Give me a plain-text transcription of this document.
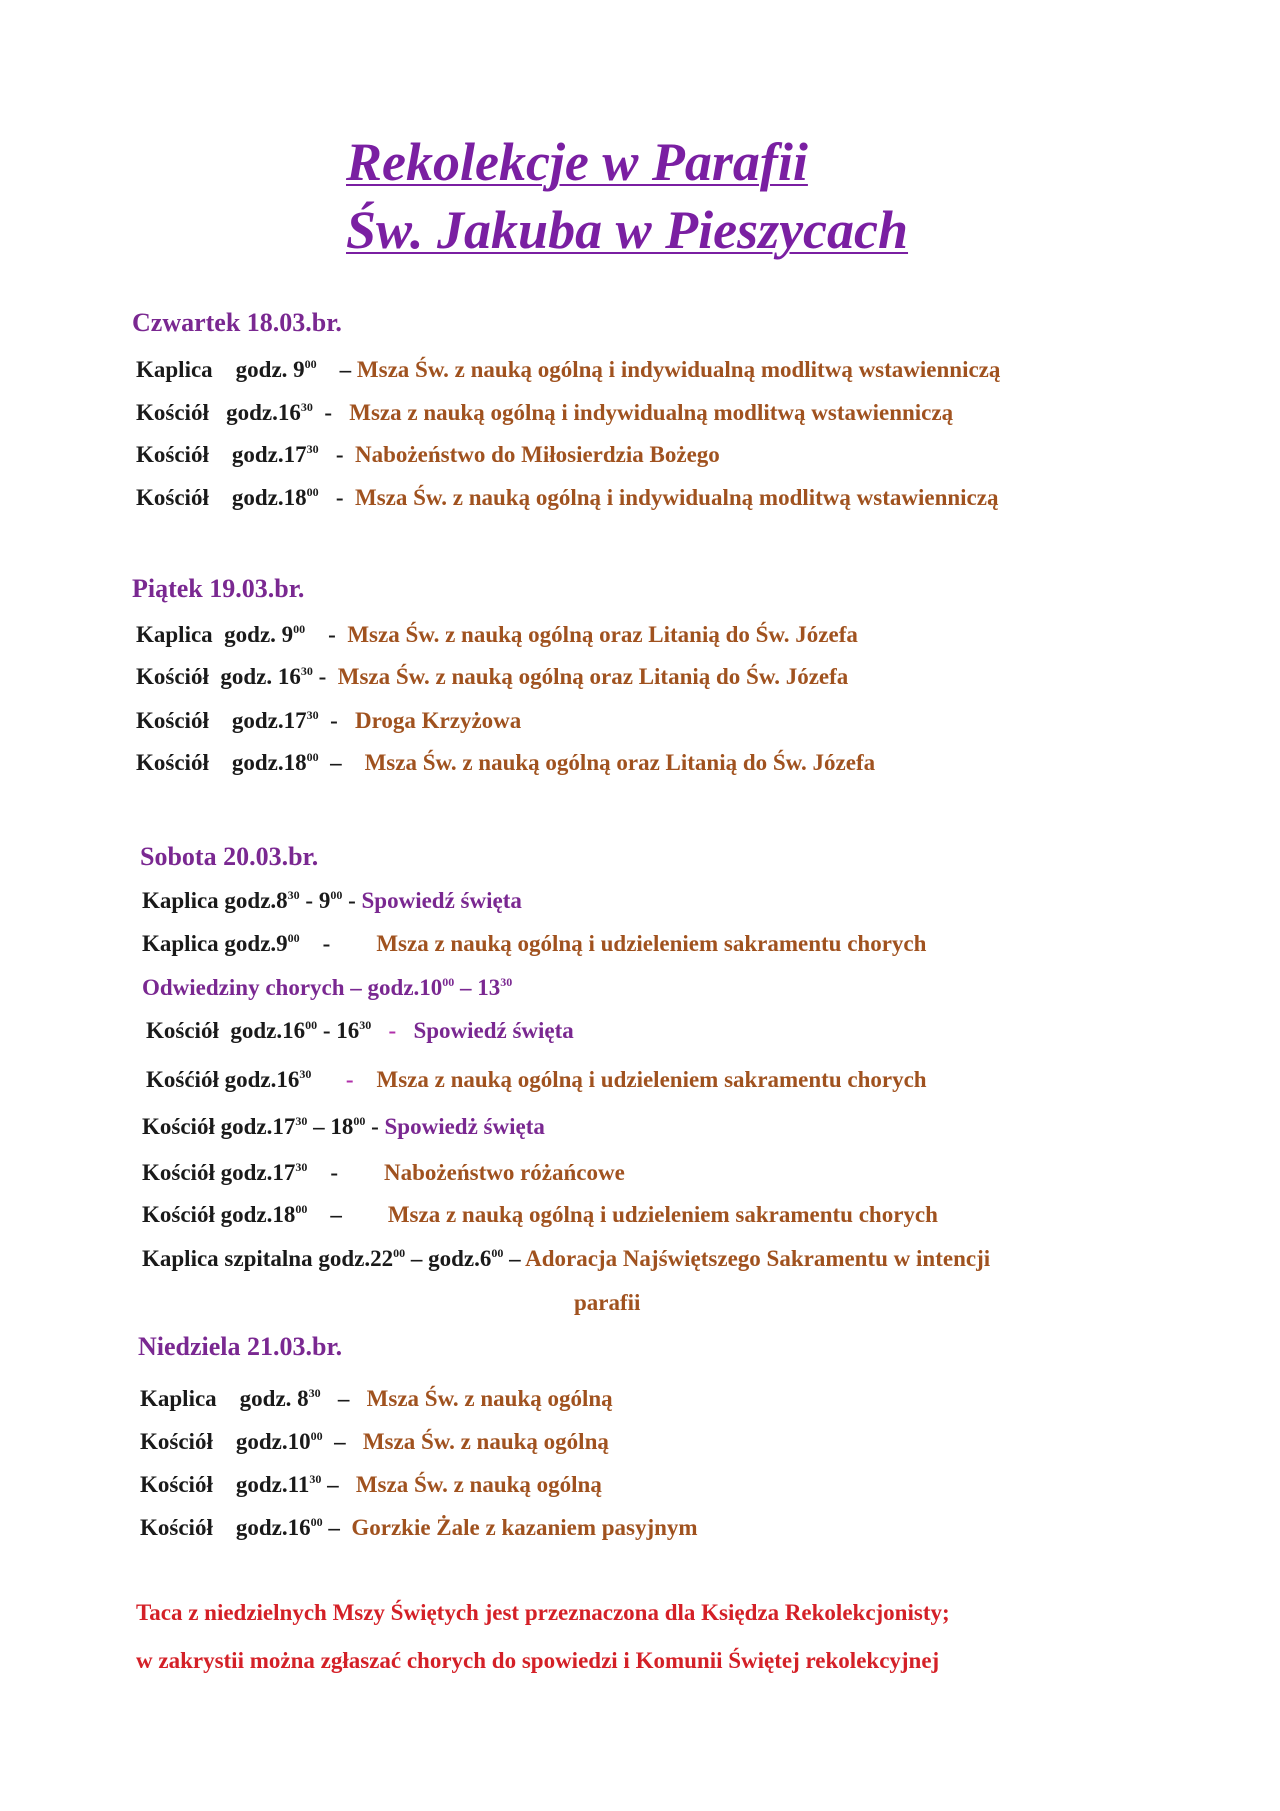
Rekolekcje w Parafii
Św. Jakuba w Pieszycach
Czwartek 18.03.br.
Kaplica godz. $9^{00}$ – Msza Św. z nauką ogólną i indywidualną modlitwą wstawienniczą
Kościół $godz.16^{30}$ - Msza z nauką ogólną i indywidualną modlitwą wstawienniczą
Kościół $godz.17^{30}$ - Nabożeństwo do Miłosierdzia Bożego
Kościół $godz.18^{00}$ - Msza Św. z nauką ogólną i indywidualną modlitwą wstawienniczą
Piątek 19.03.br.
Kaplica godz. $9^{00}$ - Msza Św. z nauką ogólną oraz Litanią do Św. Józefa
Kościół godz. $16^{30}$ - Msza Św. z nauką ogólną oraz Litanią do Św. Józefa
Kościół $godz.17^{30}$ - Droga Krzyżowa
Kościół $godz.18^{00}$ – Msza Św. z nauką ogólną oraz Litanią do Św. Józefa
Sobota 20.03.br.
Kaplica $godz.8^{30} - 9^{00}$ - Spowiedź święta
Kaplica $godz.9^{00}$ - Msza z nauką ogólną i udzieleniem sakramentu chorych
Odwiedziny chorych – $godz.10^{00} - 13^{30}$
Kościół $godz.16^{00} - 16^{30}$ - Spowiedź święta
Kośćiół $godz.16^{30}$ - Msza z nauką ogólną i udzieleniem sakramentu chorych
Kościół $godz.17^{30} - 18^{00}$ - Spowiedż święta
Kościół $godz.17^{30}$ - Nabożeństwo różańcowe
Kościół $godz.18^{00}$ – Msza z nauką ogólną i udzieleniem sakramentu chorych
Kaplica szpitalna $godz.22^{00}$ – $godz.6^{00}$ – Adoracja Najświętszego Sakramentu w intencji
parafii
Niedziela 21.03.br.
Kaplica godz. $8^{30}$ – Msza Św. z nauką ogólną
Kościół $godz.10^{00}$ – Msza Św. z nauką ogólną
Kościół $godz.11^{30}$ – Msza Św. z nauką ogólną
Kościół $godz.16^{00}$ – Gorzkie Żale z kazaniem pasyjnym
Taca z niedzielnych Mszy Świętych jest przeznaczona dla Księdza Rekolekcjonisty;
w zakrystii można zgłaszać chorych do spowiedzi i Komunii Świętej rekolekcyjnej
